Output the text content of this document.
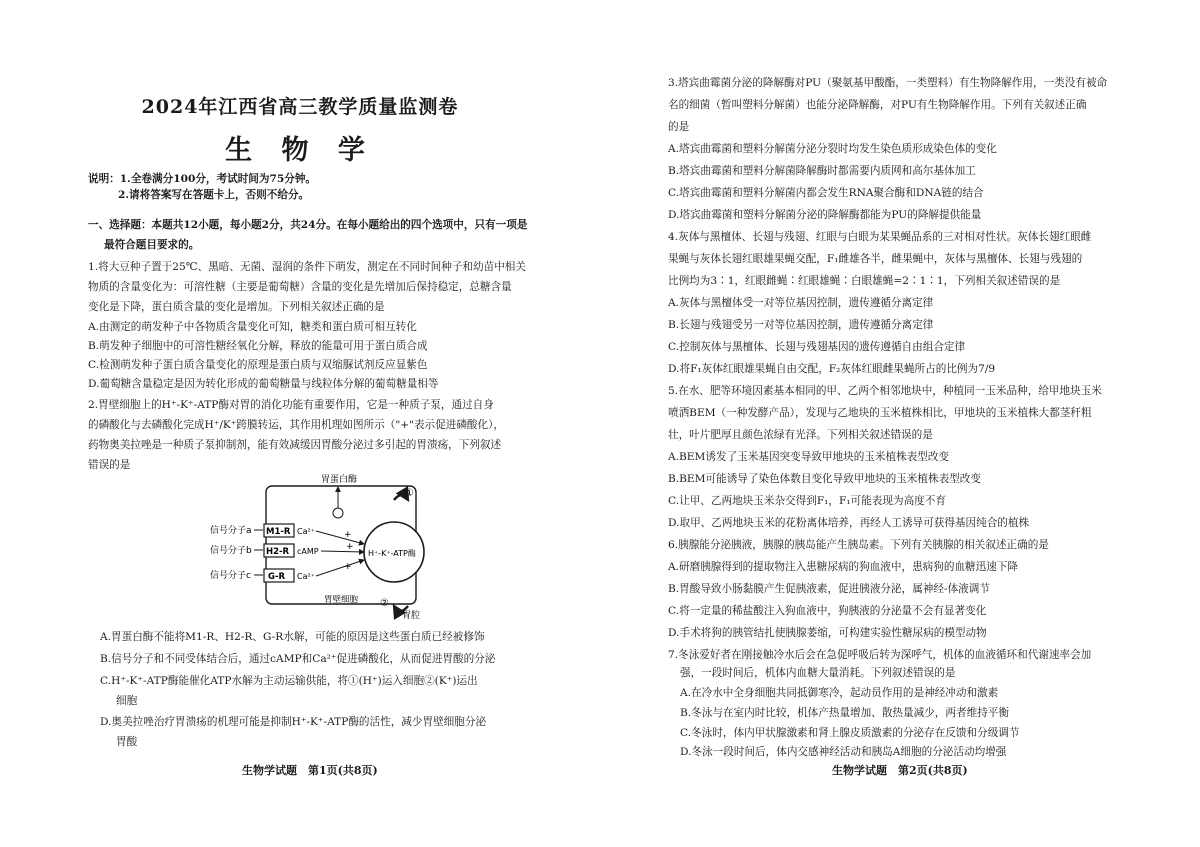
2024年江西省高三教学质量监测卷
生 物 学
说明：1.全卷满分100分，考试时间为75分钟。
2.请将答案写在答题卡上，否则不给分。
一、选择题：本题共12小题，每小题2分，共24分。在每小题给出的四个选项中，只有一项是
最符合题目要求的。
1.将大豆种子置于25℃、黑暗、无菌、湿润的条件下萌发，测定在不同时间种子和幼苗中相关
物质的含量变化为：可溶性糖（主要是葡萄糖）含量的变化是先增加后保持稳定，总糖含量
变化是下降，蛋白质含量的变化是增加。下列相关叙述正确的是
A.由测定的萌发种子中各物质含量变化可知，糖类和蛋白质可相互转化
B.萌发种子细胞中的可溶性糖经氧化分解，释放的能量可用于蛋白质合成
C.检测萌发种子蛋白质含量变化的原理是蛋白质与双缩脲试剂反应显紫色
D.葡萄糖含量稳定是因为转化形成的葡萄糖量与线粒体分解的葡萄糖量相等
2.胃壁细胞上的H⁺-K⁺-ATP酶对胃的消化功能有重要作用，它是一种质子泵，通过自身
的磷酸化与去磷酸化完成H⁺/K⁺跨膜转运，其作用机理如图所示（"+"表示促进磷酸化），
药物奥美拉唑是一种质子泵抑制剂，能有效减缓因胃酸分泌过多引起的胃溃疡，下列叙述
错误的是
胃蛋白酶
M1-R
H2-R
G-R
信号分子a
信号分子b
信号分子c
Ca²⁺
cAMP
Ca²⁺
+
+
+
H⁺-K⁺-ATP酶
①
②
胃腔
胃壁细胞
A.胃蛋白酶不能将M1-R、H2-R、G-R水解，可能的原因是这些蛋白质已经被修饰
B.信号分子和不同受体结合后，通过cAMP和Ca²⁺促进磷酸化，从而促进胃酸的分泌
C.H⁺-K⁺-ATP酶能催化ATP水解为主动运输供能，将①(H⁺)运入细胞②(K⁺)运出
细胞
D.奥美拉唑治疗胃溃疡的机理可能是抑制H⁺-K⁺-ATP酶的活性，减少胃壁细胞分泌
胃酸
生物学试题　第1页(共8页)
3.塔宾曲霉菌分泌的降解酶对PU（聚氨基甲酸酯，一类塑料）有生物降解作用，一类没有被命
名的细菌（暂叫塑料分解菌）也能分泌降解酶，对PU有生物降解作用。下列有关叙述正确
的是
A.塔宾曲霉菌和塑料分解菌分泌分裂时均发生染色质形成染色体的变化
B.塔宾曲霉菌和塑料分解菌降解酶时都需要内质网和高尔基体加工
C.塔宾曲霉菌和塑料分解菌内都会发生RNA聚合酶和DNA链的结合
D.塔宾曲霉菌和塑料分解菌分泌的降解酶都能为PU的降解提供能量
4.灰体与黑檀体、长翅与残翅、红眼与白眼为某果蝇品系的三对相对性状。灰体长翅红眼雌
果蝇与灰体长翅红眼雄果蝇交配，F₁雌雄各半，雌果蝇中，灰体与黑檀体、长翅与残翅的
比例均为3∶1，红眼雌蝇∶红眼雄蝇∶白眼雄蝇=2∶1∶1，下列相关叙述错误的是
A.灰体与黑檀体受一对等位基因控制，遗传遵循分离定律
B.长翅与残翅受另一对等位基因控制，遗传遵循分离定律
C.控制灰体与黑檀体、长翅与残翅基因的遗传遵循自由组合定律
D.将F₁灰体红眼雄果蝇自由交配，F₂灰体红眼雌果蝇所占的比例为7/9
5.在水、肥等环境因素基本相同的甲、乙两个相邻地块中，种植同一玉米品种，给甲地块玉米
喷洒BEM（一种发酵产品），发现与乙地块的玉米植株相比，甲地块的玉米植株大都茎秆粗
壮，叶片肥厚且颜色浓绿有光泽。下列相关叙述错误的是
A.BEM诱发了玉米基因突变导致甲地块的玉米植株表型改变
B.BEM可能诱导了染色体数目变化导致甲地块的玉米植株表型改变
C.让甲、乙两地块玉米杂交得到F₁，F₁可能表现为高度不育
D.取甲、乙两地块玉米的花粉离体培养，再经人工诱导可获得基因纯合的植株
6.胰腺能分泌胰液，胰腺的胰岛能产生胰岛素。下列有关胰腺的相关叙述正确的是
A.研磨胰腺得到的提取物注入患糖尿病的狗血液中，患病狗的血糖迅速下降
B.胃酸导致小肠黏膜产生促胰液素，促进胰液分泌，属神经-体液调节
C.将一定量的稀盐酸注入狗血液中，狗胰液的分泌量不会有显著变化
D.手术将狗的胰管结扎使胰腺萎缩，可构建实验性糖尿病的模型动物
7.冬泳爱好者在刚接触冷水后会在急促呼吸后转为深呼气，机体的血液循环和代谢速率会加
强，一段时间后，机体内血糖大量消耗。下列叙述错误的是
A.在冷水中全身细胞共同抵御寒冷，起动员作用的是神经冲动和激素
B.冬泳与在室内时比较，机体产热量增加、散热量减少，两者维持平衡
C.冬泳时，体内甲状腺激素和肾上腺皮质激素的分泌存在反馈和分级调节
D.冬泳一段时间后，体内交感神经活动和胰岛A细胞的分泌活动均增强
生物学试题　第2页(共8页)
